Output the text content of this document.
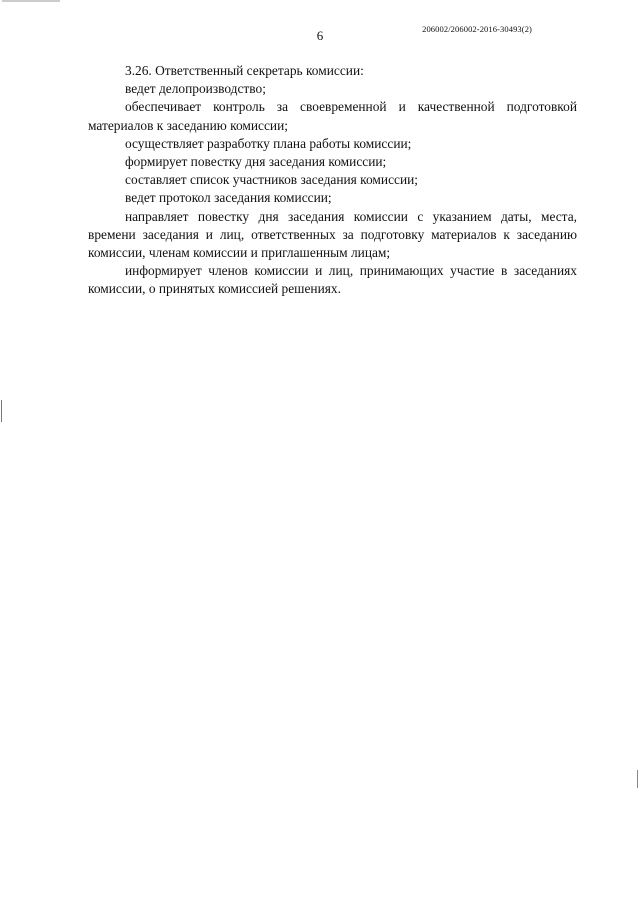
206002/206002-2016-30493(2)
6

3.26. Ответственный секретарь комиссии:

ведет делопроизводство;

обеспечивает контроль за своевременной и качественной подготовкой материалов к заседанию комиссии;

осуществляет разработку плана работы комиссии;

формирует повестку дня заседания комиссии;

составляет список участников заседания комиссии;

ведет протокол заседания комиссии;

направляет повестку дня заседания комиссии с указанием даты, места, времени заседания и лиц, ответственных за подготовку материалов к заседанию комиссии, членам комиссии и приглашенным лицам;

информирует членов комиссии и лиц, принимающих участие в заседаниях комиссии, о принятых комиссией решениях.
